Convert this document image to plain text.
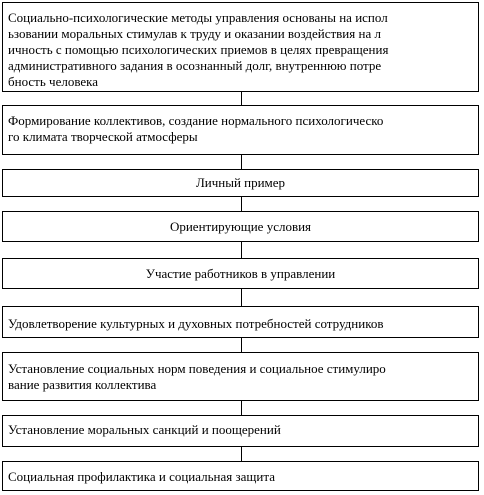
Социально-психологические методы управления основаны на испол
ьзовании моральных стимулав к труду и оказании воздействия на л
ичность с помощью психологических приемов в целях превращения
административного задания в осознанный долг, внутреннюю потре
бность человека
Формирование коллективов, создание нормального психологическо
го климата творческой атмосферы
Личный пример
Ориентирующие условия
Участие работников в управлении
Удовлетворение культурных и духовных потребностей сотрудников
Установление социальных норм поведения и социальное стимулиро
вание развития коллектива
Установление моральных санкций и поощерений
Социальная профилактика и социальная защита
